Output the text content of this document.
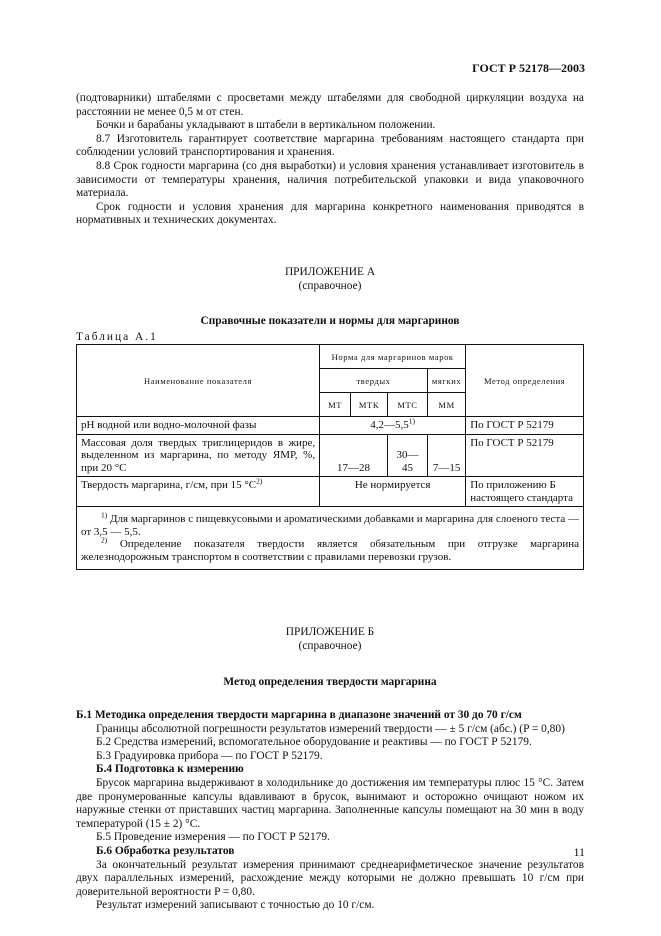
ГОСТ Р 52178—2003

(подтоварники) штабелями с просветами между штабелями для свободной циркуляции воздуха на расстоянии не менее 0,5 м от стен.

Бочки и барабаны укладывают в штабели в вертикальном положении.

8.7 Изготовитель гарантирует соответствие маргарина требованиям настоящего стандарта при соблюдении условий транспортирования и хранения.

8.8 Срок годности маргарина (со дня выработки) и условия хранения устанавливает изготовитель в зависимости от температуры хранения, наличия потребительской упаковки и вида упаковочного материала.

Срок годности и условия хранения для маргарина конкретного наименования приводятся в нормативных и технических документах.

ПРИЛОЖЕНИЕ А
(справочное)
Справочные показатели и нормы для маргаринов
Таблица А.1
Наименование показателя	Норма для маргаринов марок				Метод определения
	твердых			мягких	
	МТ	МТК	МТС	ММ	
pH водной или водно-молочной фазы	4,2—5,5$^{1)}$				По ГОСТ Р 52179
Массовая доля твердых триглицеридов в жире, выделенном из маргарина, по методу ЯМР, %, при 20 °С	17—28		30—45	7—15	По ГОСТ Р 52179
Твердость маргарина, г/см, при 15 $^\circ С^{2)}$	Не нормируется				По приложению Б настоящего стандарта

$^{1)}$ Для маргаринов с пищевкусовыми и ароматическими добавками и маргарина для слоеного теста — от 3,5 — 5,5.

$^{2)}$ Определение показателя твердости является обязательным при отгрузке маргарина железнодорожным транспортом в соответствии с правилами перевозки грузов.					

ПРИЛОЖЕНИЕ Б
(справочное)
Метод определения твердости маргарина

Б.1 Методика определения твердости маргарина в диапазоне значений от 30 до 70 г/см

Границы абсолютной погрешности результатов измерений твердости — ± 5 г/см (абс.) (P = 0,80)

Б.2 Средства измерений, вспомогательное оборудование и реактивы — по ГОСТ Р 52179.

Б.3 Градуировка прибора — по ГОСТ Р 52179.

Б.4 Подготовка к измерению

Брусок маргарина выдерживают в холодильнике до достижения им температуры плюс 15 °С. Затем две пронумерованные капсулы вдавливают в брусок, вынимают и осторожно очищают ножом их наружные стенки от приставших частиц маргарина. Заполненные капсулы помещают на 30 мин в воду температурой (15 ± 2) °С.

Б.5 Проведение измерения — по ГОСТ Р 52179.

Б.6 Обработка результатов

За окончательный результат измерения принимают среднеарифметическое значение результатов двух параллельных измерений, расхождение между которыми не должно превышать 10 г/см при доверительной вероятности P = 0,80.

Результат измерений записывают с точностью до 10 г/см.

11
